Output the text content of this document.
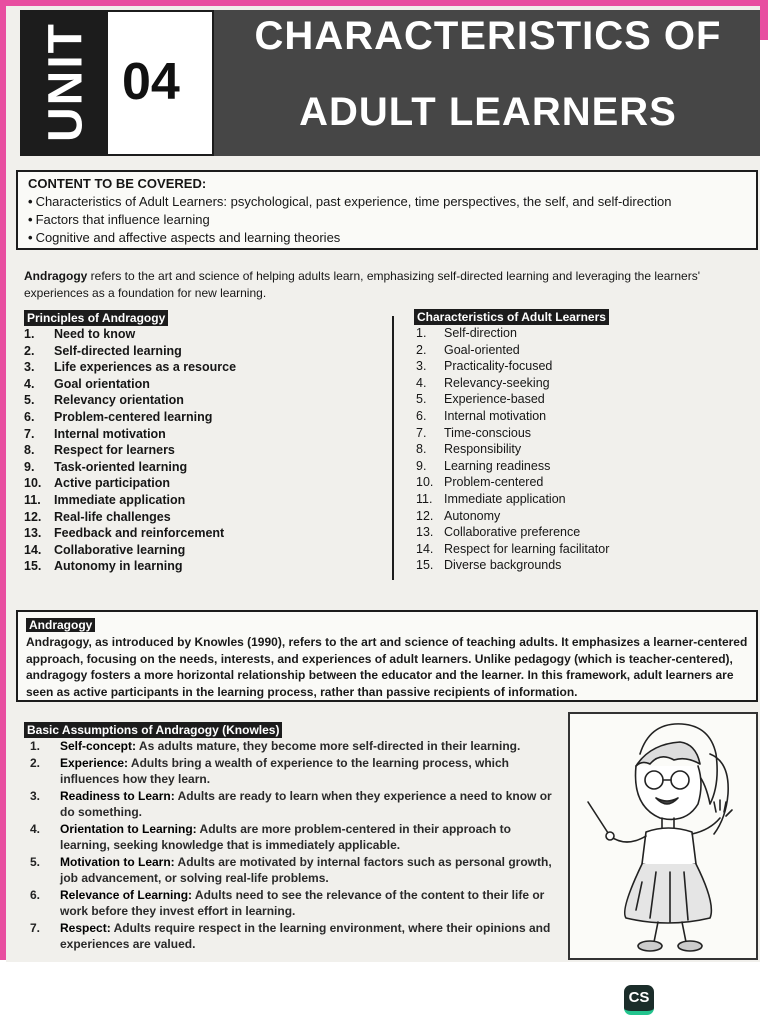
UNIT 04
CHARACTERISTICS OF
ADULT LEARNERS
CONTENT TO BE COVERED:
• Characteristics of Adult Learners: psychological, past experience, time perspectives, the self, and self-direction
• Factors that influence learning
• Cognitive and affective aspects and learning theories

Andragogy refers to the art and science of helping adults learn, emphasizing self-directed learning and leveraging the learners' experiences as a foundation for new learning.

Principles of Andragogy
1. Need to know
2. Self-directed learning
3. Life experiences as a resource
4. Goal orientation
5. Relevancy orientation
6. Problem-centered learning
7. Internal motivation
8. Respect for learners
9. Task-oriented learning
10. Active participation
11. Immediate application
12. Real-life challenges
13. Feedback and reinforcement
14. Collaborative learning
15. Autonomy in learning
Characteristics of Adult Learners
1. Self-direction
2. Goal-oriented
3. Practicality-focused
4. Relevancy-seeking
5. Experience-based
6. Internal motivation
7. Time-conscious
8. Responsibility
9. Learning readiness
10. Problem-centered
11. Immediate application
12. Autonomy
13. Collaborative preference
14. Respect for learning facilitator
15. Diverse backgrounds
Andragogy
Andragogy, as introduced by Knowles (1990), refers to the art and science of teaching adults. It emphasizes a learner-centered approach, focusing on the needs, interests, and experiences of adult learners. Unlike pedagogy (which is teacher-centered), andragogy fosters a more horizontal relationship between the educator and the learner. In this framework, adult learners are seen as active participants in the learning process, rather than passive recipients of information.
Basic Assumptions of Andragogy (Knowles)
1. Self-concept: As adults mature, they become more self-directed in their learning.
2. Experience: Adults bring a wealth of experience to the learning process, which influences how they learn.
3. Readiness to Learn: Adults are ready to learn when they experience a need to know or do something.
4. Orientation to Learning: Adults are more problem-centered in their approach to learning, seeking knowledge that is immediately applicable.
5. Motivation to Learn: Adults are motivated by internal factors such as personal growth, job advancement, or solving real-life problems.
6. Relevance of Learning: Adults need to see the relevance of the content to their life or work before they invest effort in learning.
7. Respect: Adults require respect in the learning environment, where their opinions and experiences are valued.
CS
